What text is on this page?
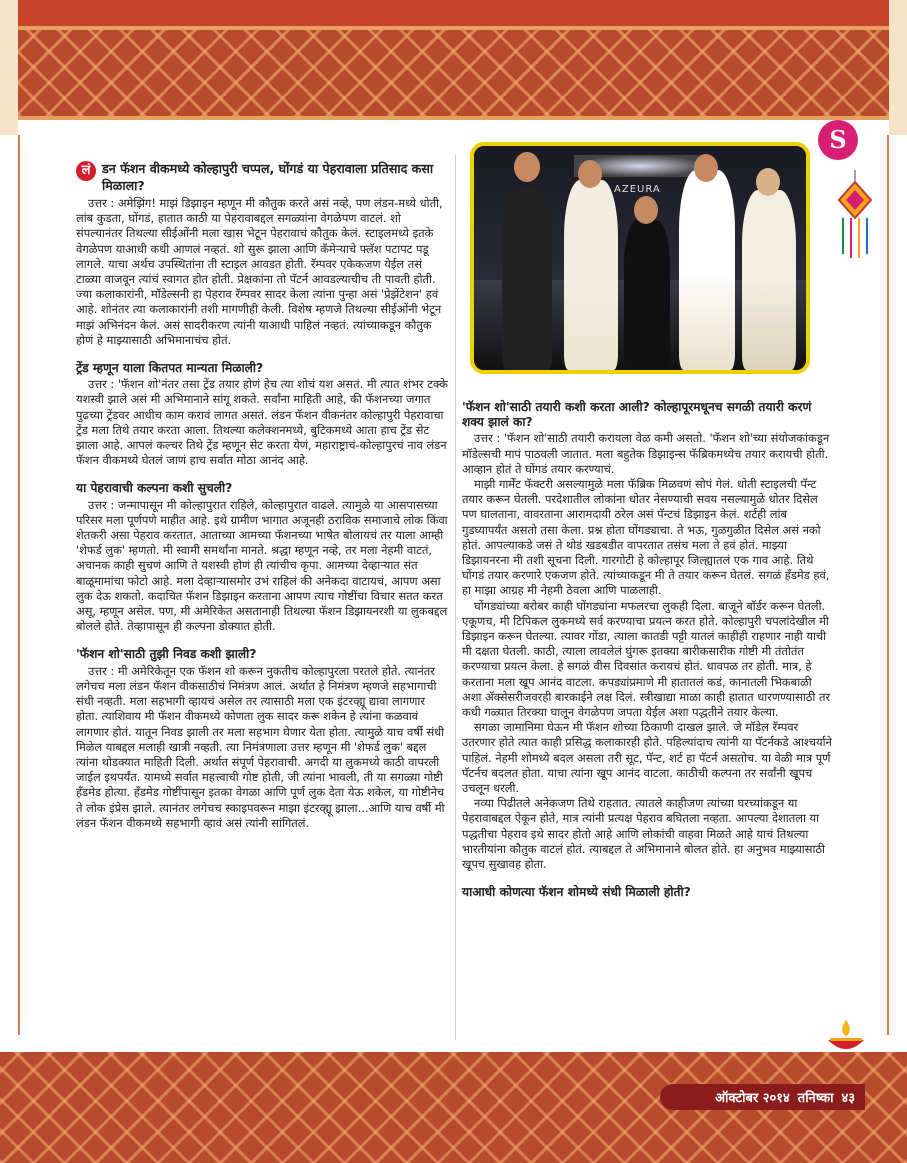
S
AZEURA
लं डन फॅशन वीकमध्ये कोल्हापुरी चप्पल, घोंगडं या पेहरावाला प्रतिसाद कसा मिळाला?

उत्तर : अमेझिंग! माझं डिझाइन म्हणून मी कौतुक करते असं नव्हे, पण लंडन-मध्ये धोती, लांब कुडता, घोंगडं, हातात काठी या पेहरावाबद्दल सगळ्यांना वेगळेपण वाटलं. शो संपल्यानंतर तिथल्या सीईओंनी मला खास भेटून पेहरावाचं कौतुक केलं. स्टाइलमध्ये इतके वेगळेपण याआधी कधी आणलं नव्हतं. शो सुरू झाला आणि कॅमेऱ्याचे फ्लॅश पटापट पडू लागले. याचा अर्थच उपस्थितांना ती स्टाइल आवडत होती. रॅम्पवर एकेकजण येईल तसं टाळ्या वाजवून त्यांचं स्वागत होत होती. प्रेक्षकांना तो पॅटर्न आवडल्याचीच ती पावती होती. ज्या कलाकारांनी, मॉडेल्सनी हा पेहराव रॅम्पवर सादर केला त्यांना पुन्हा असं 'प्रेझेंटेशन' हवं आहे. शोनंतर त्या कलाकारांनी तशी मागणीही केली. विशेष म्हणजे तिथल्या सीईओंनी भेटून माझं अभिनंदन केलं. असं सादरीकरण त्यांनी याआधी पाहिलं नव्हतं. त्यांच्याकडून कौतुक होणं हे माझ्यासाठी अभिमानाचंच होतं.

ट्रेंड म्हणून याला कितपत मान्यता मिळाली?

उत्तर : 'फॅशन शो'नंतर तसा ट्रेंड तयार होणं हेच त्या शोचं यश असतं. मी त्यात शंभर टक्के यशस्वी झाले असं मी अभिमानाने सांगू शकते. सर्वांना माहिती आहे, की फॅशनच्या जगात पुढच्या ट्रेंडवर आधीच काम करावं लागत असतं. लंडन फॅशन वीकनंतर कोल्हापुरी पेहरावाचा ट्रेंड मला तिथे तयार करता आला. तिथल्या कलेक्शनमध्ये, बुटिकमध्ये आता हाच ट्रेंड सेट झाला आहे. आपलं कल्चर तिथे ट्रेंड म्हणून सेट करता येणं, महाराष्ट्राचं-कोल्हापुरचं नाव लंडन फॅशन वीकमध्ये घेतलं जाणं हाच सर्वात मोठा आनंद आहे.

या पेहरावाची कल्पना कशी सुचली?

उत्तर : जन्मापासून मी कोल्हापुरात राहिले, कोल्हापुरात वाढले. त्यामुळे या आसपासच्या परिसर मला पूर्णपणे माहीत आहे. इथे ग्रामीण भागात अजूनही ठराविक समाजाचे लोक किंवा शेतकरी असा पेहराव करतात. आताच्या आमच्या फॅशनच्या भाषेत बोलायचं तर याला आम्ही 'शेफर्ड लुक' म्हणतो. मी स्वामी समर्थांना मानते. श्रद्धा म्हणून नव्हे, तर मला नेहमी वाटतं, अचानक काही सुचणं आणि ते यशस्वी होणं ही त्यांचीच कृपा. आमच्या देव्हाऱ्यात संत बाळूमामांचा फोटो आहे. मला देव्हाऱ्यासमोर उभं राहिलं की अनेकदा वाटायचं, आपण असा लुक देऊ शकतो. कदाचित फॅशन डिझाइन करताना आपण त्याच गोष्टींचा विचार सतत करत असू, म्हणून असेल. पण, मी अमेरिकेत असतानाही तिथल्या फॅशन डिझायनरशी या लुकबद्दल बोलले होते. तेव्हापासून ही कल्पना डोक्यात होती.

'फॅशन शो'साठी तुझी निवड कशी झाली?

उत्तर : मी अमेरिकेतून एक फॅशन शो करून नुकतीच कोल्हापुरला परतले होते. त्यानंतर लगेचच मला लंडन फॅशन वीकसाठीचं निमंत्रण आलं. अर्थात हे निमंत्रण म्हणजे सहभागाची संधी नव्हती. मला सहभागी व्हायचं असेल तर त्यासाठी मला एक इंटरव्ह्यू द्यावा लागणार होता. त्याशिवाय मी फॅशन वीकमध्ये कोणता लुक सादर करू शकेन हे त्यांना कळवावं लागणार होतं. यातून निवड झाली तर मला सहभाग घेणार येता होता. त्यामुळे याच वर्षी संधी मिळेल याबद्दल मलाही खात्री नव्हती. त्या निमंत्रणाला उत्तर म्हणून मी 'शेफर्ड लुक' बद्दल त्यांना थोडक्यात माहिती दिली. अर्थात संपूर्ण पेहरावाची. अगदी या लुकमध्ये काठी वापरली जाईल इथपर्यंत. यामध्ये सर्वात महत्त्वाची गोष्ट होती, जी त्यांना भावली, ती या सगळ्या गोष्टी हॅंडमेड होत्या. हॅंडमेड गोष्टींपासून इतका वेगळा आणि पूर्ण लुक देता येऊ शकेल, या गोष्टीनेच ते लोक इंप्रेस झाले. त्यानंतर लगेचच स्काइपवरून माझा इंटरव्ह्यू झाला...आणि याच वर्षी मी लंडन फॅशन वीकमध्ये सहभागी व्हावं असं त्यांनी सांगितलं.

'फॅशन शो'साठी तयारी कशी करता आली? कोल्हापूरमधूनच सगळी तयारी करणं शक्य झालं का?

उत्तर : 'फॅशन शो'साठी तयारी करायला वेळ कमी असतो. 'फॅशन शो'च्या संयोजकांकडून मॉडेल्सची मापं पाठवली जातात. मला बहुतेक डिझाइन्स फॅब्रिकमध्येच तयार करायची होती. आव्हान होतं ते घोंगडं तयार करण्याचं.

माझी गार्मेंट फॅक्टरी असल्यामुळे मला फॅब्रिक मिळवणं सोपं गेलं. धोती स्टाइलची पॅन्ट तयार करून घेतली. परदेशातील लोकांना धोतर नेसण्याची सवय नसल्यामुळे धोतर दिसेल पण घालताना, वावरताना आरामदायी ठरेल असं पॅन्टचं डिझाइन केलं. शर्टही लांब गुडघ्यापर्यंत असतो तसा केला. प्रश्न होता घोंगड्याचा. ते भऊ, गुळगुळीत दिसेल असं नको होतं. आपल्याकडे जसं ते थोडं खडबडीत वापरतात तसंच मला ते हवं होतं. माझ्या डिझायनरना मी तशी सूचना दिली. गारगोटी हे कोल्हापूर जिल्ह्यातलं एक गाव आहे. तिथे घोंगडं तयार करणारे एकजण होते. त्यांच्याकडून मी ते तयार करून घेतलं. सगळं हॅंडमेड हवं, हा माझा आग्रह मी नेहमी ठेवला आणि पाळलाही.

घोंगड्यांच्या बरोबर काही घोंगड्यांना मफलरचा लुकही दिला. बाजूने बॉर्डर करून घेतली. एकूणच, मी टिपिकल लुकमध्ये सर्व करण्याचा प्रयत्न करत होते. कोल्हापुरी चपलांदेखील मी डिझाइन करून घेतल्या. त्यावर गोंडा, त्याला कातडी पट्टी यातलं काहीही राहणार नाही याची मी दक्षता घेतली. काठी, त्याला लावलेलं घुंगरू इतक्या बारीकसारीक गोष्टी मी तंतोतंत करण्याचा प्रयत्न केला. हे सगळं वीस दिवसांत करायचं होतं. धावपळ तर होती. मात्र, हे करताना मला खूप आनंद वाटला. कपड्यांप्रमाणे मी हातातलं कडं, कानातली भिकबाळी अशा ॲक्सेसरीजवरही बारकाईने लक्ष दिलं. स्त्रीखाद्या माळा काही हातात धारणण्यासाठी तर कधी गळ्यात तिरक्या घालून वेगळेपण जपता येईल अशा पद्धतीने तयार केल्या.

सगळा जामानिमा घेऊन मी फॅशन शोच्या ठिकाणी दाखल झाले. जे मॉडेल रॅम्पवर उतरणार होते त्यात काही प्रसिद्ध कलाकारही होते. पहिल्यांदाच त्यांनी या पॅटर्नकडे आश्चर्याने पाहिलं. नेहमी शोमध्ये बदल असला तरी सूट, पॅन्ट, शर्ट हा पॅटर्न असतोच. या वेळी मात्र पूर्ण पॅटर्नच बदलत होता. याचा त्यांना खूप आनंद वाटला. काठीची कल्पना तर सर्वांनी खूपच उचलून धरली.

नव्या पिढीतले अनेकजण तिथे राहतात. त्यातले काहीजण त्यांच्या घरच्यांकडून या पेहरावाबद्दल ऐकून होते, मात्र त्यांनी प्रत्यक्ष पेहराव बघितला नव्हता. आपल्या देशातला या पद्धतीचा पेहराव इथे सादर होतो आहे आणि लोकांची वाहवा मिळते आहे याचं तिथल्या भारतीयांना कौतुक वाटलं होतं. त्याबद्दल ते अभिमानाने बोलत होते. हा अनुभव माझ्यासाठी खूपच सुखावह होता.

याआधी कोणत्या फॅशन शोमध्ये संधी मिळाली होती?

ऑक्टोबर २०१४ तनिष्का ४३
